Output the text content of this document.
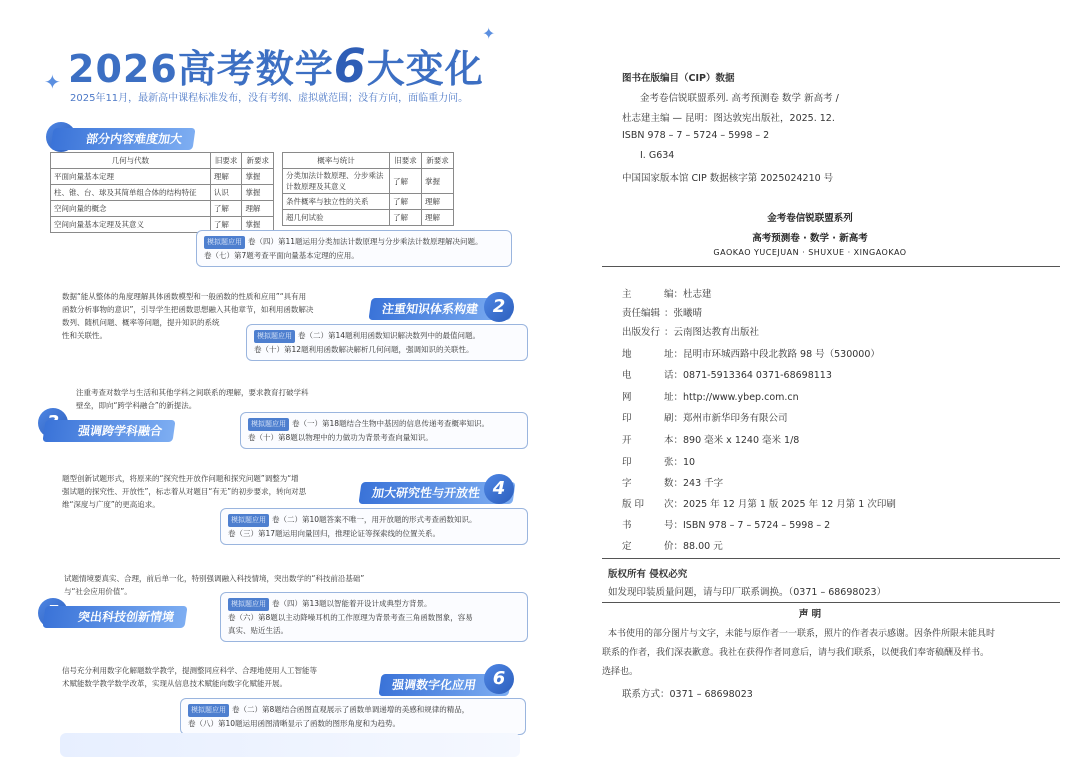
✦
✦
2026高考数学6大变化
2025年11月，最新高中课程标准发布，没有考纲、虚拟就范围；没有方向，面临重力问。
部分内容难度加大
几何与代数	旧要求	新要求
平面向量基本定理	理解	掌握
柱、锥、台、球及其简单组合体的结构特征	认识	掌握
空间向量的概念	了解	理解
空间向量基本定理及其意义	了解	掌握
概率与统计	旧要求	新要求
分类加法计数原理、分步乘法计数原理及其意义	了解	掌握
条件概率与独立性的关系	了解	理解
超几何试验	了解	理解
模拟题应用 卷（四）第11题运用分类加法计数原理与分步乘法计数原理解决问题。
卷（七）第7题考查平面向量基本定理的应用。
注重知识体系构建 2
数据“能从整体的角度理解具体函数模型和一般函数的性质和应用”“具有用
函数分析事物的意识”，引导学生把函数思想融入其他章节，如利用函数解决
数列、随机问题、概率等问题，提升知识的系统
性和关联性。	模拟题应用 卷（二）第14题利用函数知识解决数列中的最值问题。
卷（十）第12题利用函数解决解析几何问题，强调知识的关联性。
强调跨学科融合
注重考查对数学与生活和其他学科之间联系的理解，要求教育打破学科
壁垒，即向“跨学科融合”的新提法。
模拟题应用 卷（一）第18题结合生物中基因的信息传递考查概率知识。
卷（十）第8题以物理中的力做功为背景考查向量知识。
加大研究性与开放性 4
题型创新试题形式，将原来的“探究性开放作问题和探究问题”调整为“增
强试题的探究性、开放性”，标志着从对题目“有无”的初步要求，转向对思
维“深度与广度”的更高追求。
模拟题应用 卷（二）第10题答案不唯一，用开放题的形式考查函数知识。
卷（三）第17题运用向量回归，推理论证等探索线的位置关系。
突出科技创新情境
试题情境要真实、合理，前后单一化，特别强调融入科技情境，突出数学的“科技前沿基础”
与“社会应用价值”。
模拟题应用 卷（四）第13题以智能着开设计成典型方背景。
卷（六）第8题以主动降噪耳机的工作原理为背景考查三角函数图象，容易
真实、贴近生活。
信号充分利用数字化解题数学教学，提测整同应科学、合理地使用人工智能等
术赋能数学教学数学改革，实现从信息技术赋能向数字化赋能开展。	强调数字化应用 6
模拟题应用 卷（二）第8题结合函图直观展示了函数单调递增的美感和规律的精品，
卷（八）第10题运用函图清晰显示了函数的图形角度和为趋势。
图书在版编目（CIP）数据
金考卷信锐联盟系列. 高考预测卷 数学 新高考 /
杜志建主编 — 昆明：图达敦宪出版社，2025. 12.
ISBN 978 – 7 – 5724 – 5998 – 2
Ⅰ. G634
中国国家版本馆 CIP 数据核字第 2025024210 号
金考卷信锐联盟系列
高考预测卷 · 数学 · 新高考
GAOKAO YUCEJUAN · SHUXUE · XINGAOKAO
主	编：杜志建
责任编辑 ：张曦晴
出版发行 ：云南图达教育出版社
地	址：昆明市环城西路中段北教路 98 号（530000）
电	话：0871-5913364 0371-68698113
网	址：http://www.ybep.com.cn
印	刷：郑州市新华印务有限公司
开	本：890 毫米 x 1240 毫米 1/8
印	张：10
字	数：243 千字
版 印 次：2025 年 12 月第 1 版 2025 年 12 月第 1 次印刷
书	号：ISBN 978 – 7 – 5724 – 5998 – 2
定	价：88.00 元
版权所有 侵权必究
如发现印装质量问题，请与印厂联系调换。（0371 – 68698023）
声 明
本书使用的部分图片与文字，未能与原作者一一联系，照片的作者表示感谢。因条件所限未能具时
联系的作者，我们深表歉意。我社在获得作者同意后，请与我们联系，以便我们奉寄稿酬及样书。
选择也。
联系方式：0371 – 68698023
